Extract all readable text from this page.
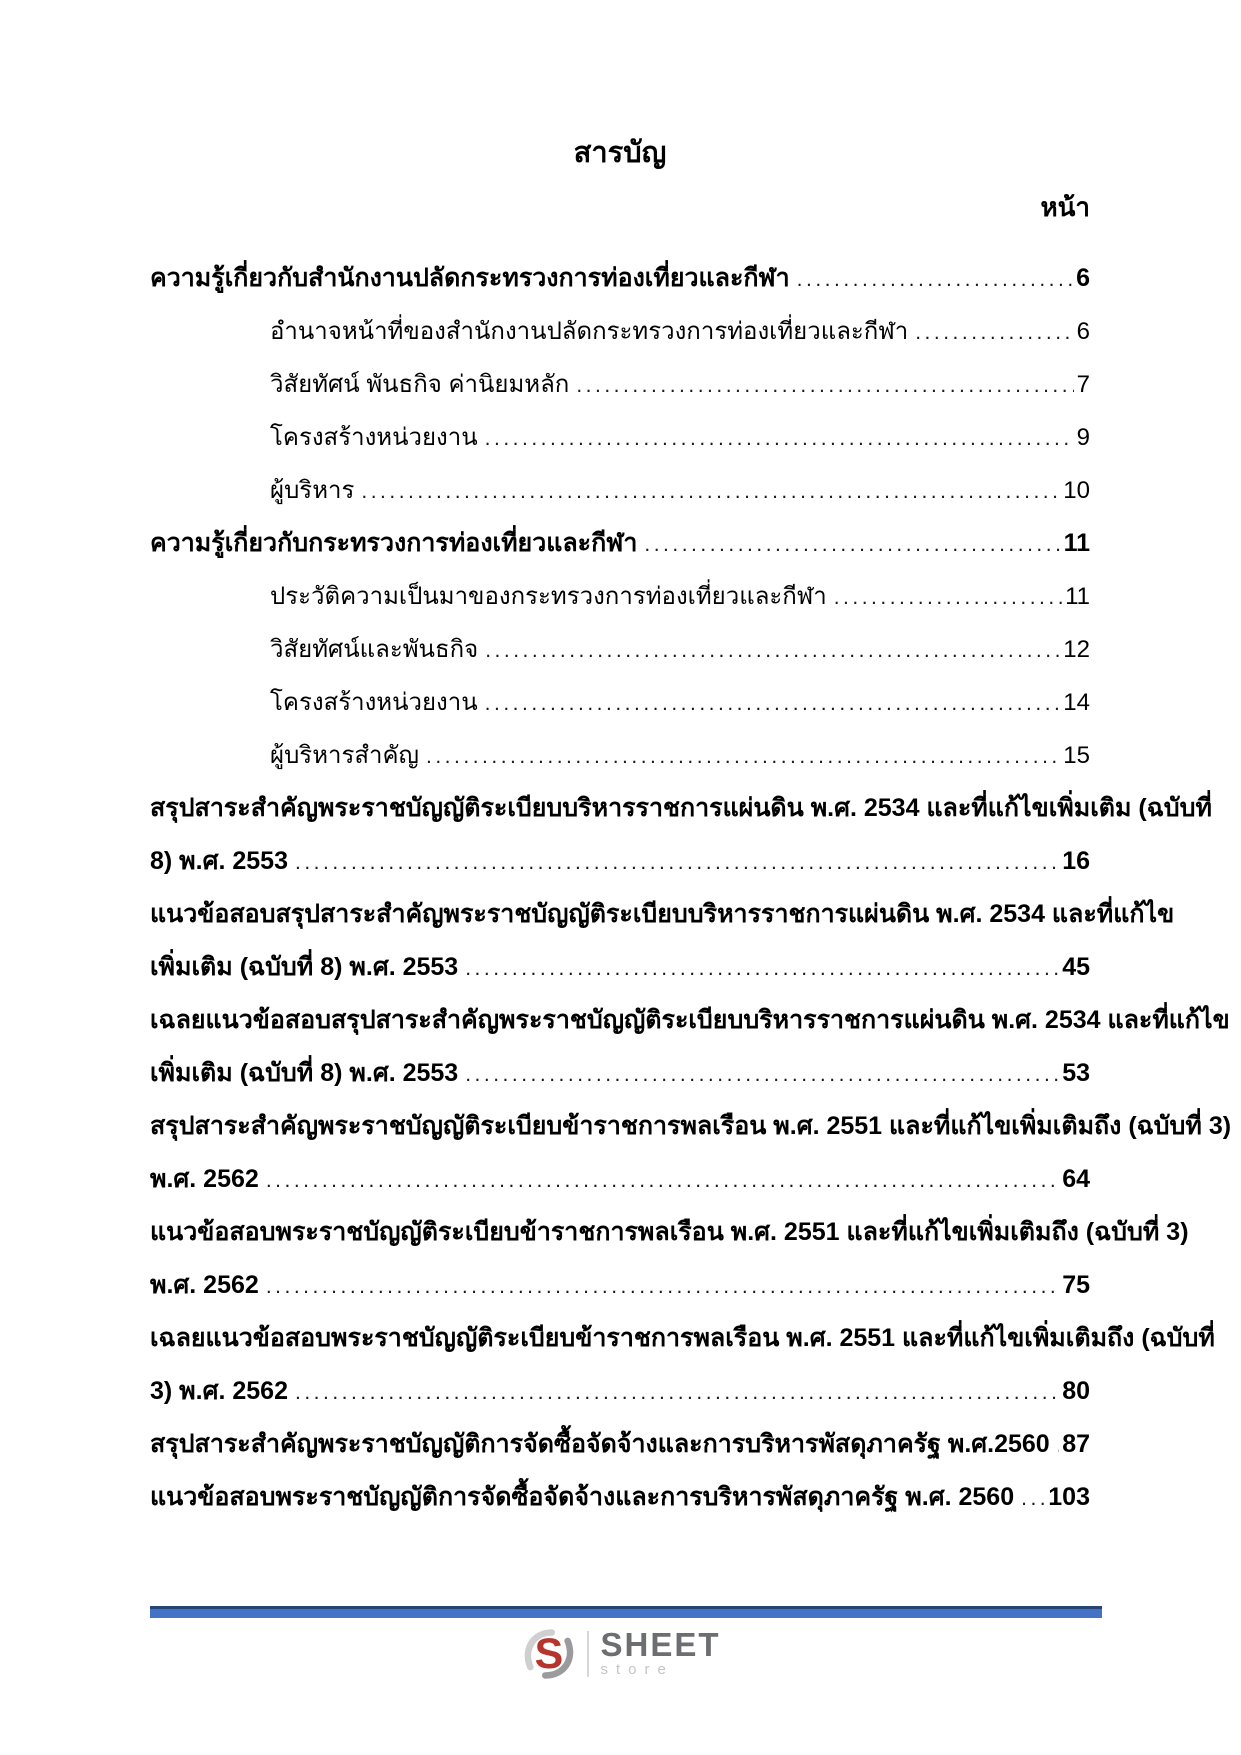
สารบัญ
หน้า
ความรู้เกี่ยวกับสำนักงานปลัดกระทรวงการท่องเที่ยวและกีฬา .....	6
อำนาจหน้าที่ของสำนักงานปลัดกระทรวงการท่องเที่ยวและกีฬา .....	6
วิสัยทัศน์ พันธกิจ ค่านิยมหลัก .....	7
โครงสร้างหน่วยงาน .....	9
ผู้บริหาร .....	10
ความรู้เกี่ยวกับกระทรวงการท่องเที่ยวและกีฬา .....	11
ประวัติความเป็นมาของกระทรวงการท่องเที่ยวและกีฬา .....	11
วิสัยทัศน์และพันธกิจ .....	12
โครงสร้างหน่วยงาน .....	14
ผู้บริหารสำคัญ .....	15
สรุปสาระสำคัญพระราชบัญญัติระเบียบบริหารราชการแผ่นดิน พ.ศ. 2534 และที่แก้ไขเพิ่มเติม (ฉบับที่
8) พ.ศ. 2553 .....	16
แนวข้อสอบสรุปสาระสำคัญพระราชบัญญัติระเบียบบริหารราชการแผ่นดิน พ.ศ. 2534 และที่แก้ไข
เพิ่มเติม (ฉบับที่ 8) พ.ศ. 2553 .....	45
เฉลยแนวข้อสอบสรุปสาระสำคัญพระราชบัญญัติระเบียบบริหารราชการแผ่นดิน พ.ศ. 2534 และที่แก้ไข
เพิ่มเติม (ฉบับที่ 8) พ.ศ. 2553 .....	53
สรุปสาระสำคัญพระราชบัญญัติระเบียบข้าราชการพลเรือน พ.ศ. 2551 และที่แก้ไขเพิ่มเติมถึง (ฉบับที่ 3)
พ.ศ. 2562 .....	64
แนวข้อสอบพระราชบัญญัติระเบียบข้าราชการพลเรือน พ.ศ. 2551 และที่แก้ไขเพิ่มเติมถึง (ฉบับที่ 3)
พ.ศ. 2562 .....	75
เฉลยแนวข้อสอบพระราชบัญญัติระเบียบข้าราชการพลเรือน พ.ศ. 2551 และที่แก้ไขเพิ่มเติมถึง (ฉบับที่
3) พ.ศ. 2562 .....	80
สรุปสาระสำคัญพระราชบัญญัติการจัดซื้อจัดจ้างและการบริหารพัสดุภาครัฐ พ.ศ.2560 ..... 87
แนวข้อสอบพระราชบัญญัติการจัดซื้อจัดจ้างและการบริหารพัสดุภาครัฐ พ.ศ. 2560 ..... 103
S SHEET
store
